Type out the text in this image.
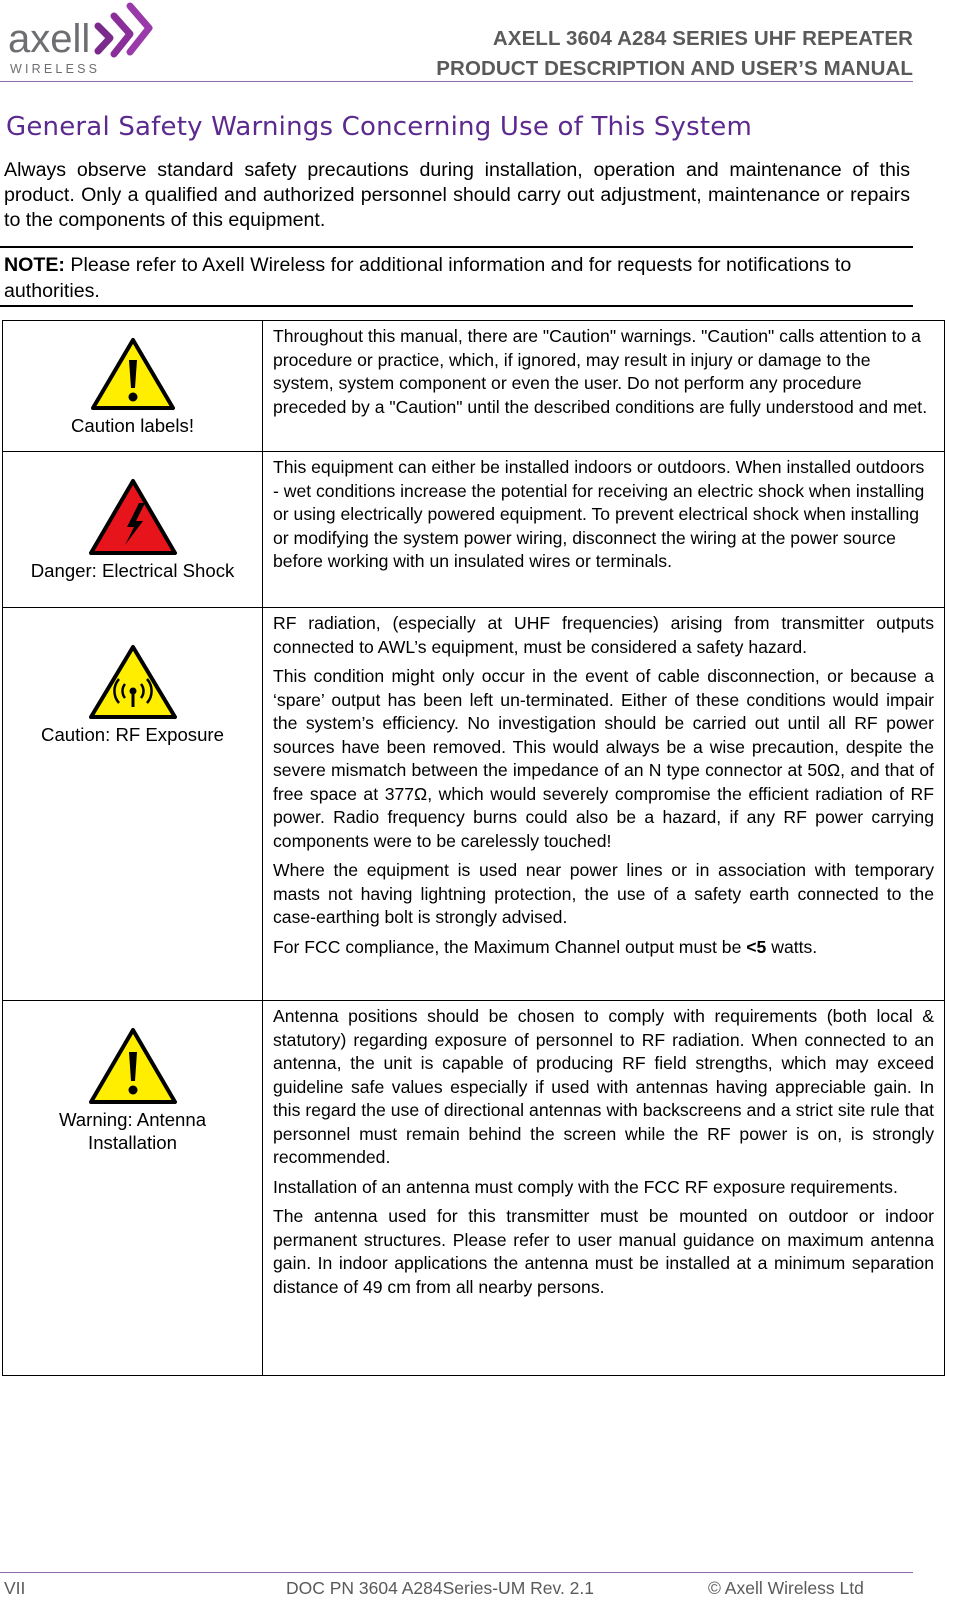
axell
WIRELESS
AXELL 3604 A284 SERIES UHF REPEATER
PRODUCT DESCRIPTION AND USER’S MANUAL
General Safety Warnings Concerning Use of This System
Always observe standard safety precautions during installation, operation and maintenance of this product. Only a qualified and authorized personnel should carry out adjustment, maintenance or repairs to the components of this equipment.
NOTE: Please refer to Axell Wireless for additional information and for requests for notifications to authorities.
Caution labels!	Throughout this manual, there are "Caution" warnings. "Caution" calls attention to a procedure or practice, which, if ignored, may result in injury or damage to the system, system component or even the user. Do not perform any procedure preceded by a "Caution" until the described conditions are fully understood and met.

Danger: Electrical Shock	This equipment can either be installed indoors or outdoors. When installed outdoors - wet conditions increase the potential for receiving an electric shock when installing or using electrically powered equipment. To prevent electrical shock when installing or modifying the system power wiring, disconnect the wiring at the power source before working with un insulated wires or terminals.

Caution: RF Exposure	RF radiation, (especially at UHF frequencies) arising from transmitter outputs connected to AWL’s equipment, must be considered a safety hazard.

This condition might only occur in the event of cable disconnection, or because a ‘spare’ output has been left un-terminated. Either of these conditions would impair the system’s efficiency. No investigation should be carried out until all RF power sources have been removed. This would always be a wise precaution, despite the severe mismatch between the impedance of an N type connector at 50Ω, and that of free space at 377Ω, which would severely compromise the efficient radiation of RF power. Radio frequency burns could also be a hazard, if any RF power carrying components were to be carelessly touched!

Where the equipment is used near power lines or in association with temporary masts not having lightning protection, the use of a safety earth connected to the case-earthing bolt is strongly advised.

For FCC compliance, the Maximum Channel output must be <5 watts.

Warning: Antenna Installation	Antenna positions should be chosen to comply with requirements (both local & statutory) regarding exposure of personnel to RF radiation. When connected to an antenna, the unit is capable of producing RF field strengths, which may exceed guideline safe values especially if used with antennas having appreciable gain. In this regard the use of directional antennas with backscreens and a strict site rule that personnel must remain behind the screen while the RF power is on, is strongly recommended.

Installation of an antenna must comply with the FCC RF exposure requirements.

The antenna used for this transmitter must be mounted on outdoor or indoor permanent structures. Please refer to user manual guidance on maximum antenna gain. In indoor applications the antenna must be installed at a minimum separation distance of 49 cm from all nearby persons.

VII	DOC PN 3604 A284Series-UM Rev. 2.1	© Axell Wireless Ltd
